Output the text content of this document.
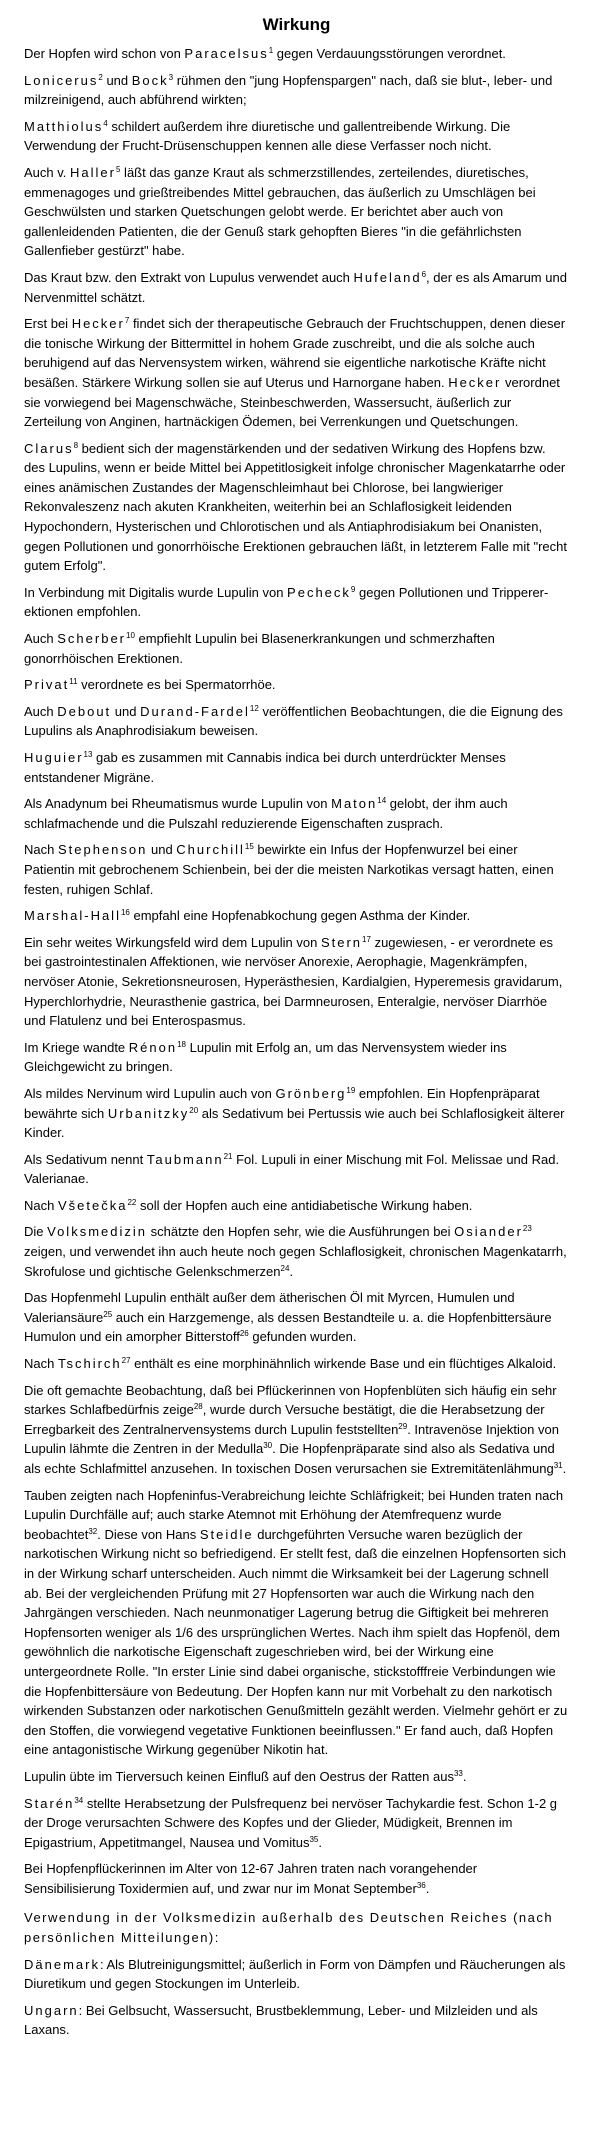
Wirkung

Der Hopfen wird schon von Paracelsus$^1$ gegen Verdauungsstörungen verordnet.

Lonicerus$^2$ und Bock$^3$ rühmen den "jung Hopfenspargen" nach, daß sie blut-, leber- und milzreinigend, auch abführend wirkten;

Matthiolus$^4$ schildert außerdem ihre diuretische und gallentreibende Wirkung. Die Verwendung der Frucht-Drüsenschuppen kennen alle diese Verfasser noch nicht.

Auch v. Haller$^5$ läßt das ganze Kraut als schmerzstillendes, zerteilendes, diuretisches, emmenagoges und grießtreibendes Mittel gebrauchen, das äußerlich zu Umschlägen bei Geschwülsten und starken Quetschungen gelobt werde. Er berichtet aber auch von gallenleidenden Patienten, die der Genuß stark gehopften Bieres "in die gefährlichsten Gallenfieber gestürzt" habe.

Das Kraut bzw. den Extrakt von Lupulus verwendet auch Hufeland$^6$, der es als Amarum und Nervenmittel schätzt.

Erst bei Hecker$^7$ findet sich der therapeutische Gebrauch der Fruchtschuppen, denen dieser die tonische Wirkung der Bittermittel in hohem Grade zuschreibt, und die als solche auch beruhigend auf das Nervensystem wirken, während sie eigentliche narkotische Kräfte nicht besäßen. Stärkere Wirkung sollen sie auf Uterus und Harnorgane haben. Hecker verordnet sie vorwiegend bei Magenschwäche, Steinbeschwerden, Wassersucht, äußerlich zur Zerteilung von Anginen, hartnäckigen Ödemen, bei Verrenkungen und Quetschungen.

Clarus$^8$ bedient sich der magenstärkenden und der sedativen Wirkung des Hopfens bzw. des Lupulins, wenn er beide Mittel bei Appetitlosigkeit infolge chronischer Magenkatarrhe oder eines anämischen Zustandes der Magenschleimhaut bei Chlorose, bei langwieriger Rekonvaleszenz nach akuten Krankheiten, weiterhin bei an Schlaflosigkeit leidenden Hypochondern, Hysterischen und Chlorotischen und als Antiaphrodisiakum bei Onanisten, gegen Pollutionen und gonorrhöische Erektionen gebrauchen läßt, in letzterem Falle mit "recht gutem Erfolg".

In Verbindung mit Digitalis wurde Lupulin von Pecheck$^9$ gegen Pollutionen und Trippererektionen empfohlen.

Auch Scherber$^{10}$ empfiehlt Lupulin bei Blasenerkrankungen und schmerzhaften gonorrhöischen Erektionen.

Privat$^{11}$ verordnete es bei Spermatorrhöe.

Auch Debout und Durand-Fardel$^{12}$ veröffentlichen Beobachtungen, die die Eignung des Lupulins als Anaphrodisiakum beweisen.

Huguier$^{13}$ gab es zusammen mit Cannabis indica bei durch unterdrückter Menses entstandener Migräne.

Als Anadynum bei Rheumatismus wurde Lupulin von Maton$^{14}$ gelobt, der ihm auch schlafmachende und die Pulszahl reduzierende Eigenschaften zusprach.

Nach Stephenson und Churchill$^{15}$ bewirkte ein Infus der Hopfenwurzel bei einer Patientin mit gebrochenem Schienbein, bei der die meisten Narkotikas versagt hatten, einen festen, ruhigen Schlaf.

Marshal-Hall$^{16}$ empfahl eine Hopfenabkochung gegen Asthma der Kinder.

Ein sehr weites Wirkungsfeld wird dem Lupulin von Stern$^{17}$ zugewiesen, - er verordnete es bei gastrointestinalen Affektionen, wie nervöser Anorexie, Aerophagie, Magenkrämpfen, nervöser Atonie, Sekretionsneurosen, Hyperästhesien, Kardialgien, Hyperemesis gravidarum, Hyperchlorhydrie, Neurasthenie gastrica, bei Darmneurosen, Enteralgie, nervöser Diarrhöe und Flatulenz und bei Enterospasmus.

Im Kriege wandte Rénon$^{18}$ Lupulin mit Erfolg an, um das Nervensystem wieder ins Gleichgewicht zu bringen.

Als mildes Nervinum wird Lupulin auch von Grönberg$^{19}$ empfohlen. Ein Hopfenpräparat bewährte sich Urbanitzky$^{20}$ als Sedativum bei Pertussis wie auch bei Schlaflosigkeit älterer Kinder.

Als Sedativum nennt Taubmann$^{21}$ Fol. Lupuli in einer Mischung mit Fol. Melissae und Rad. Valerianae.

Nach Všetečka$^{22}$ soll der Hopfen auch eine antidiabetische Wirkung haben.

Die Volksmedizin schätzte den Hopfen sehr, wie die Ausführungen bei Osiander$^{23}$ zeigen, und verwendet ihn auch heute noch gegen Schlaflosigkeit, chronischen Magenkatarrh, Skrofulose und gichtische Gelenkschmerzen$^{24}$.

Das Hopfenmehl Lupulin enthält außer dem ätherischen Öl mit Myrcen, Humulen und Valeriansäure$^{25}$ auch ein Harzgemenge, als dessen Bestandteile u. a. die Hopfenbittersäure Humulon und ein amorpher Bitterstoff$^{26}$ gefunden wurden.

Nach Tschirch$^{27}$ enthält es eine morphinähnlich wirkende Base und ein flüchtiges Alkaloid.

Die oft gemachte Beobachtung, daß bei Pflückerinnen von Hopfenblüten sich häufig ein sehr starkes Schlafbedürfnis zeige$^{28}$, wurde durch Versuche bestätigt, die die Herabsetzung der Erregbarkeit des Zentralnervensystems durch Lupulin feststellten$^{29}$. Intravenöse Injektion von Lupulin lähmte die Zentren in der Medulla$^{30}$. Die Hopfenpräparate sind also als Sedativa und als echte Schlafmittel anzusehen. In toxischen Dosen verursachen sie Extremitätenlähmung$^{31}$.

Tauben zeigten nach Hopfeninfus-Verabreichung leichte Schläfrigkeit; bei Hunden traten nach Lupulin Durchfälle auf; auch starke Atemnot mit Erhöhung der Atemfrequenz wurde beobachtet$^{32}$. Diese von Hans Steidle durchgeführten Versuche waren bezüglich der narkotischen Wirkung nicht so befriedigend. Er stellt fest, daß die einzelnen Hopfensorten sich in der Wirkung scharf unterscheiden. Auch nimmt die Wirksamkeit bei der Lagerung schnell ab. Bei der vergleichenden Prüfung mit 27 Hopfensorten war auch die Wirkung nach den Jahrgängen verschieden. Nach neunmonatiger Lagerung betrug die Giftigkeit bei mehreren Hopfensorten weniger als 1/6 des ursprünglichen Wertes. Nach ihm spielt das Hopfenöl, dem gewöhnlich die narkotische Eigenschaft zugeschrieben wird, bei der Wirkung eine untergeordnete Rolle. "In erster Linie sind dabei organische, stickstofffreie Verbindungen wie die Hopfenbittersäure von Bedeutung. Der Hopfen kann nur mit Vorbehalt zu den narkotisch wirkenden Substanzen oder narkotischen Genußmitteln gezählt werden. Vielmehr gehört er zu den Stoffen, die vorwiegend vegetative Funktionen beeinflussen." Er fand auch, daß Hopfen eine antagonistische Wirkung gegenüber Nikotin hat.

Lupulin übte im Tierversuch keinen Einfluß auf den Oestrus der Ratten aus$^{33}$.

Starén$^{34}$ stellte Herabsetzung der Pulsfrequenz bei nervöser Tachykardie fest. Schon 1-2 g der Droge verursachten Schwere des Kopfes und der Glieder, Müdigkeit, Brennen im Epigastrium, Appetitmangel, Nausea und Vomitus$^{35}$.

Bei Hopfenpflückerinnen im Alter von 12-67 Jahren traten nach vorangehender Sensibilisierung Toxidermien auf, und zwar nur im Monat September$^{36}$.

Verwendung in der Volksmedizin außerhalb des Deutschen Reiches (nach persönlichen Mitteilungen):

Dänemark: Als Blutreinigungsmittel; äußerlich in Form von Dämpfen und Räucherungen als Diuretikum und gegen Stockungen im Unterleib.

Ungarn: Bei Gelbsucht, Wassersucht, Brustbeklemmung, Leber- und Milzleiden und als Laxans.
